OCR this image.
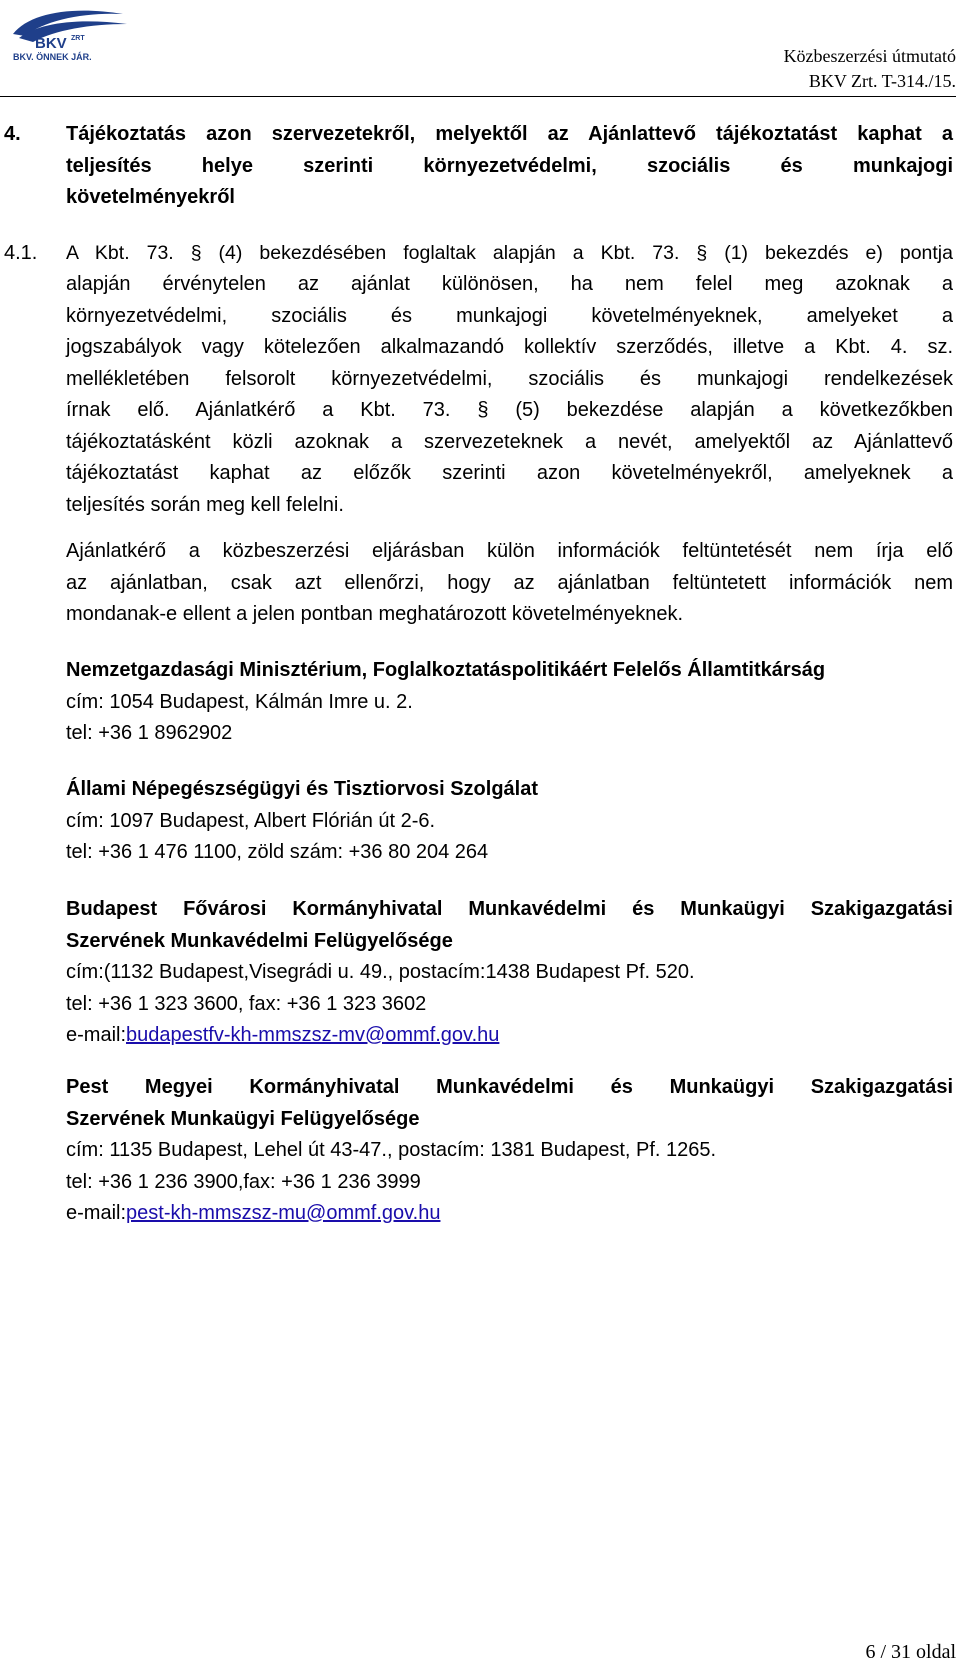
BKV ZRT
BKV. ÖNNEK JÁR.	Közbeszerzési útmutató
BKV Zrt. T-314./15.
4. Tájékoztatás azon szervezetekről, melyektől az Ajánlattevő tájékoztatást kaphat a
teljesítés helye szerinti környezetvédelmi, szociális és munkajogi
követelményekről
4.1. A Kbt. 73. § (4) bekezdésében foglaltak alapján a Kbt. 73. § (1) bekezdés e) pontja
alapján érvénytelen az ajánlat különösen, ha nem felel meg azoknak a
környezetvédelmi, szociális és munkajogi követelményeknek, amelyeket a
jogszabályok vagy kötelezően alkalmazandó kollektív szerződés, illetve a Kbt. 4. sz.
mellékletében felsorolt környezetvédelmi, szociális és munkajogi rendelkezések
írnak elő. Ajánlatkérő a Kbt. 73. § (5) bekezdése alapján a következőkben
tájékoztatásként közli azoknak a szervezeteknek a nevét, amelyektől az Ajánlattevő
tájékoztatást kaphat az előzők szerinti azon követelményekről, amelyeknek a
teljesítés során meg kell felelni.
Ajánlatkérő a közbeszerzési eljárásban külön információk feltüntetését nem írja elő
az ajánlatban, csak azt ellenőrzi, hogy az ajánlatban feltüntetett információk nem
mondanak-e ellent a jelen pontban meghatározott követelményeknek.
Nemzetgazdasági Minisztérium, Foglalkoztatáspolitikáért Felelős Államtitkárság
cím: 1054 Budapest, Kálmán Imre u. 2.
tel: +36 1 8962902
Állami Népegészségügyi és Tisztiorvosi Szolgálat
cím: 1097 Budapest, Albert Flórián út 2-6.
tel: +36 1 476 1100, zöld szám: +36 80 204 264
Budapest Fővárosi Kormányhivatal Munkavédelmi és Munkaügyi Szakigazgatási
Szervének Munkavédelmi Felügyelősége
cím:(1132 Budapest,Visegrádi u. 49., postacím:1438 Budapest Pf. 520.
tel: +36 1 323 3600, fax: +36 1 323 3602
e-mail:budapestfv-kh-mmszsz-mv@ommf.gov.hu
Pest Megyei Kormányhivatal Munkavédelmi és Munkaügyi Szakigazgatási
Szervének Munkaügyi Felügyelősége
cím: 1135 Budapest, Lehel út 43-47., postacím: 1381 Budapest, Pf. 1265.
tel: +36 1 236 3900,fax: +36 1 236 3999
e-mail:pest-kh-mmszsz-mu@ommf.gov.hu
6 / 31 oldal
